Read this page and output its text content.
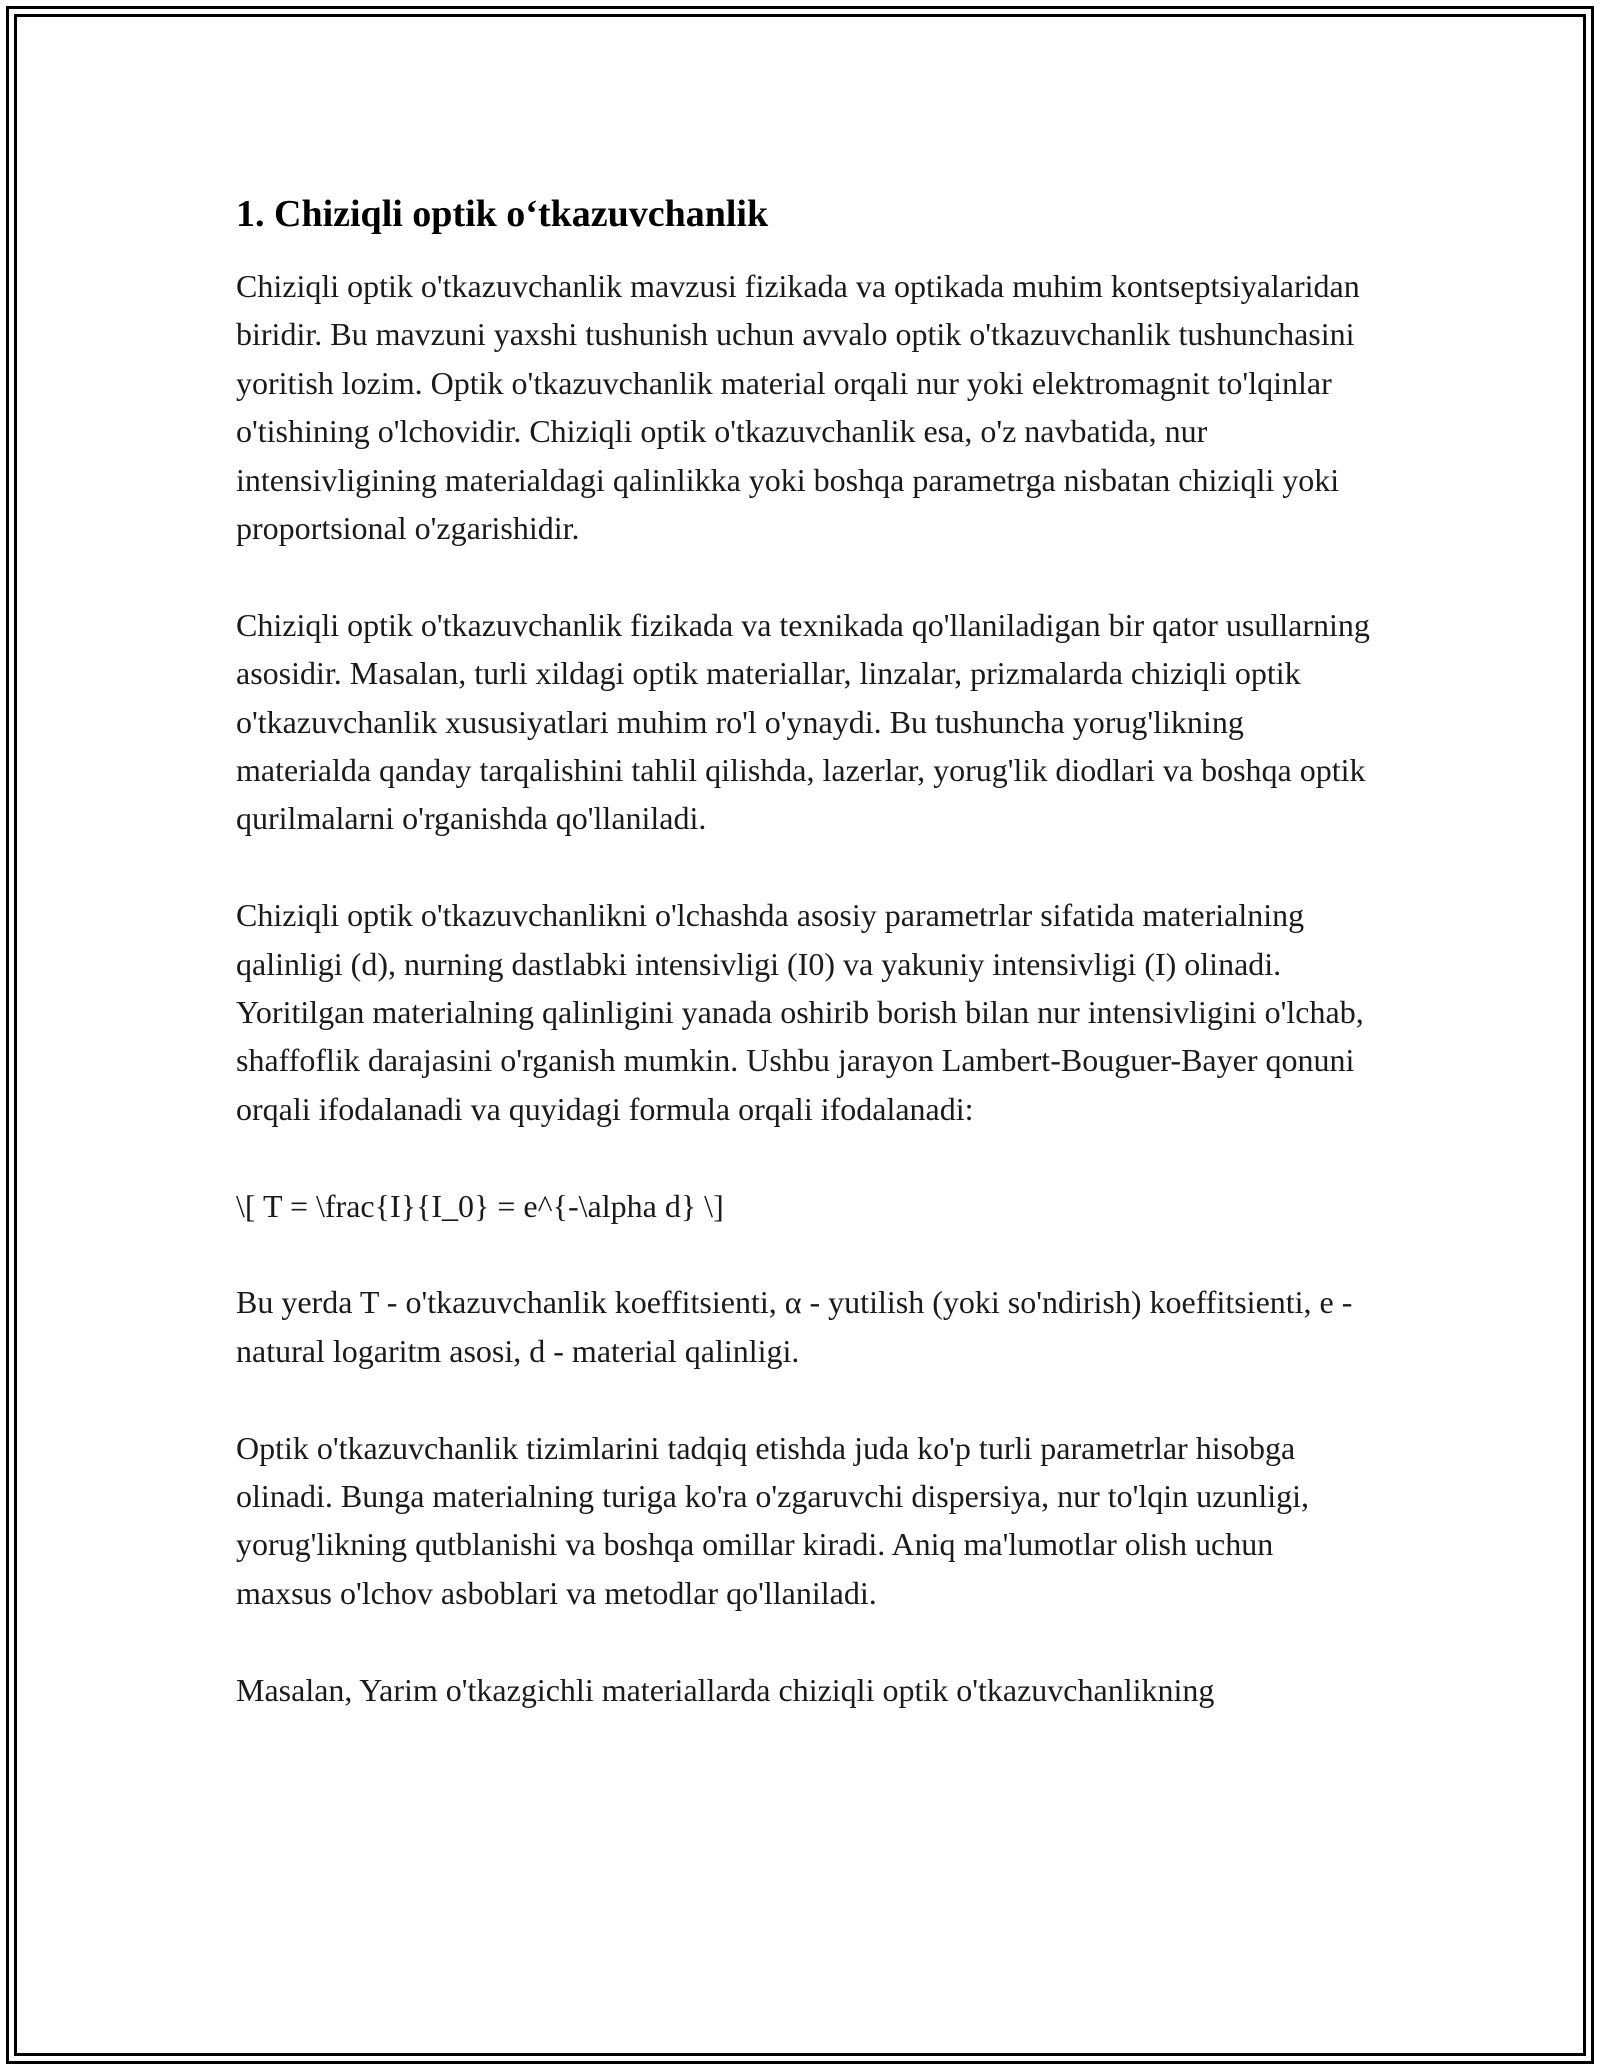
1. Chiziqli optik o‘tkazuvchanlik

Chiziqli optik o'tkazuvchanlik mavzusi fizikada va optikada muhim kontseptsiyalaridan biridir. Bu mavzuni yaxshi tushunish uchun avvalo optik o'tkazuvchanlik tushunchasini yoritish lozim. Optik o'tkazuvchanlik material orqali nur yoki elektromagnit to'lqinlar o'tishining o'lchovidir. Chiziqli optik o'tkazuvchanlik esa, o'z navbatida, nur intensivligining materialdagi qalinlikka yoki boshqa parametrga nisbatan chiziqli yoki proportsional o'zgarishidir.

Chiziqli optik o'tkazuvchanlik fizikada va texnikada qo'llaniladigan bir qator usullarning asosidir. Masalan, turli xildagi optik materiallar, linzalar, prizmalarda chiziqli optik o'tkazuvchanlik xususiyatlari muhim ro'l o'ynaydi. Bu tushuncha yorug'likning materialda qanday tarqalishini tahlil qilishda, lazerlar, yorug'lik diodlari va boshqa optik qurilmalarni o'rganishda qo'llaniladi.

Chiziqli optik o'tkazuvchanlikni o'lchashda asosiy parametrlar sifatida materialning qalinligi (d), nurning dastlabki intensivligi (I0) va yakuniy intensivligi (I) olinadi. Yoritilgan materialning qalinligini yanada oshirib borish bilan nur intensivligini o'lchab, shaffoflik darajasini o'rganish mumkin. Ushbu jarayon Lambert-Bouguer-Bayer qonuni orqali ifodalanadi va quyidagi formula orqali ifodalanadi:

\[ T = \frac{I}{I_0} = e^{-\alpha d} \]

Bu yerda T - o'tkazuvchanlik koeffitsienti, α - yutilish (yoki so'ndirish) koeffitsienti, e - natural logaritm asosi, d - material qalinligi.

Optik o'tkazuvchanlik tizimlarini tadqiq etishda juda ko'p turli parametrlar hisobga olinadi. Bunga materialning turiga ko'ra o'zgaruvchi dispersiya, nur to'lqin uzunligi, yorug'likning qutblanishi va boshqa omillar kiradi. Aniq ma'lumotlar olish uchun maxsus o'lchov asboblari va metodlar qo'llaniladi.

Masalan, Yarim o'tkazgichli materiallarda chiziqli optik o'tkazuvchanlikning
